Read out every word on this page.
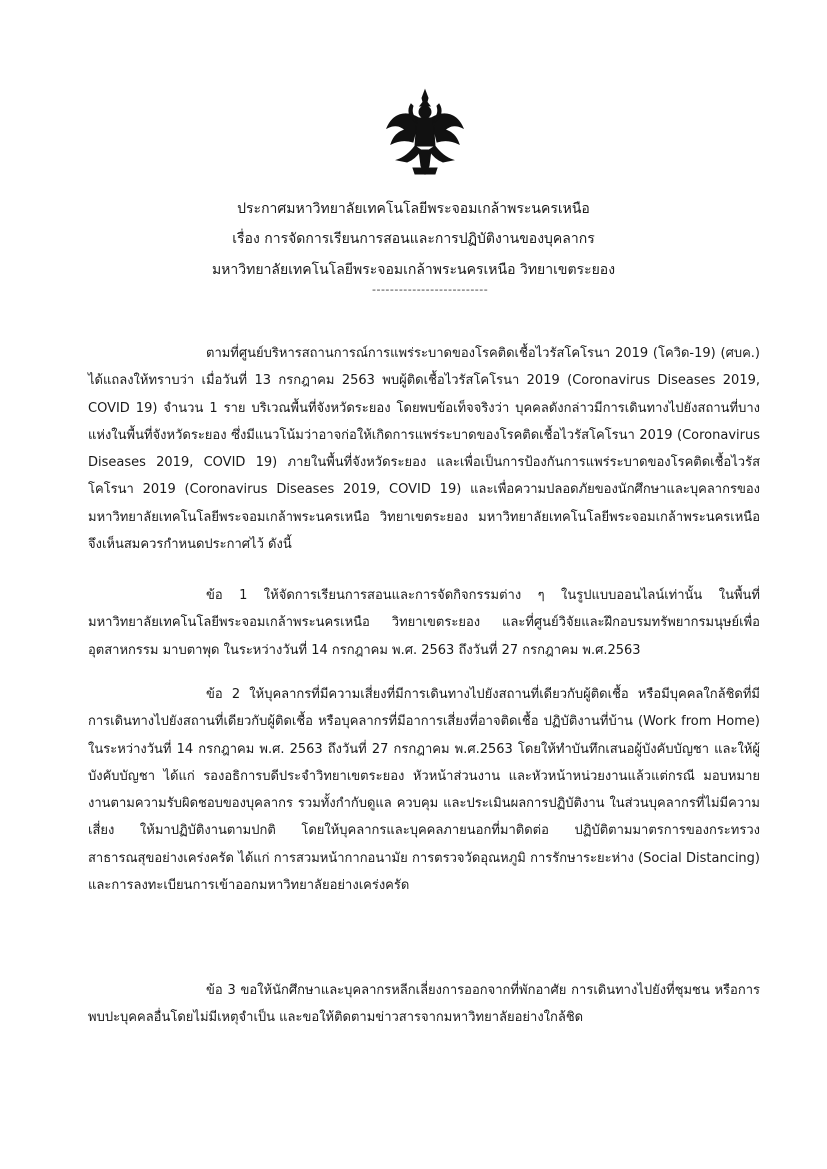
ประกาศมหาวิทยาลัยเทคโนโลยีพระจอมเกล้าพระนครเหนือ
เรื่อง การจัดการเรียนการสอนและการปฏิบัติงานของบุคลากร
มหาวิทยาลัยเทคโนโลยีพระจอมเกล้าพระนครเหนือ วิทยาเขตระยอง
--------------------------

ตามที่ศูนย์บริหารสถานการณ์การแพร่ระบาดของโรคติดเชื้อไวรัสโคโรนา 2019 (โควิด-19) (ศบค.) ได้แถลงให้ทราบว่า เมื่อวันที่ 13 กรกฎาคม 2563 พบผู้ติดเชื้อไวรัสโคโรนา 2019 (Coronavirus Diseases 2019, COVID 19) จำนวน 1 ราย บริเวณพื้นที่จังหวัดระยอง โดยพบข้อเท็จจริงว่า บุคคลดังกล่าวมีการเดินทางไปยังสถานที่บางแห่งในพื้นที่จังหวัดระยอง ซึ่งมีแนวโน้มว่าอาจก่อให้เกิดการแพร่ระบาดของโรคติดเชื้อไวรัสโคโรนา 2019 (Coronavirus Diseases 2019, COVID 19) ภายในพื้นที่จังหวัดระยอง และเพื่อเป็นการป้องกันการแพร่ระบาดของโรคติดเชื้อไวรัสโคโรนา 2019 (Coronavirus Diseases 2019, COVID 19) และเพื่อความปลอดภัยของนักศึกษาและบุคลากรของมหาวิทยาลัยเทคโนโลยีพระจอมเกล้าพระนครเหนือ วิทยาเขตระยอง มหาวิทยาลัยเทคโนโลยีพระจอมเกล้าพระนครเหนือ จึงเห็นสมควรกำหนดประกาศไว้ ดังนี้

ข้อ 1 ให้จัดการเรียนการสอนและการจัดกิจกรรมต่าง ๆ ในรูปแบบออนไลน์เท่านั้น ในพื้นที่มหาวิทยาลัยเทคโนโลยีพระจอมเกล้าพระนครเหนือ วิทยาเขตระยอง และที่ศูนย์วิจัยและฝึกอบรมทรัพยากรมนุษย์เพื่ออุตสาหกรรม มาบตาพุด ในระหว่างวันที่ 14 กรกฎาคม พ.ศ. 2563 ถึงวันที่ 27 กรกฎาคม พ.ศ.2563

ข้อ 2 ให้บุคลากรที่มีความเสี่ยงที่มีการเดินทางไปยังสถานที่เดียวกับผู้ติดเชื้อ หรือมีบุคคลใกล้ชิดที่มีการเดินทางไปยังสถานที่เดียวกับผู้ติดเชื้อ หรือบุคลากรที่มีอาการเสี่ยงที่อาจติดเชื้อ ปฏิบัติงานที่บ้าน (Work from Home) ในระหว่างวันที่ 14 กรกฎาคม พ.ศ. 2563 ถึงวันที่ 27 กรกฎาคม พ.ศ.2563 โดยให้ทำบันทึกเสนอผู้บังคับบัญชา และให้ผู้บังคับบัญชา ได้แก่ รองอธิการบดีประจำวิทยาเขตระยอง หัวหน้าส่วนงาน และหัวหน้าหน่วยงานแล้วแต่กรณี มอบหมายงานตามความรับผิดชอบของบุคลากร รวมทั้งกำกับดูแล ควบคุม และประเมินผลการปฏิบัติงาน ในส่วนบุคลากรที่ไม่มีความเสี่ยง ให้มาปฏิบัติงานตามปกติ โดยให้บุคลากรและบุคคลภายนอกที่มาติดต่อ ปฏิบัติตามมาตรการของกระทรวงสาธารณสุขอย่างเคร่งครัด ได้แก่ การสวมหน้ากากอนามัย การตรวจวัดอุณหภูมิ การรักษาระยะห่าง (Social Distancing) และการลงทะเบียนการเข้าออกมหาวิทยาลัยอย่างเคร่งครัด

ข้อ 3 ขอให้นักศึกษาและบุคลากรหลีกเลี่ยงการออกจากที่พักอาศัย การเดินทางไปยังที่ชุมชน หรือการพบปะบุคคลอื่นโดยไม่มีเหตุจำเป็น และขอให้ติดตามข่าวสารจากมหาวิทยาลัยอย่างใกล้ชิด
